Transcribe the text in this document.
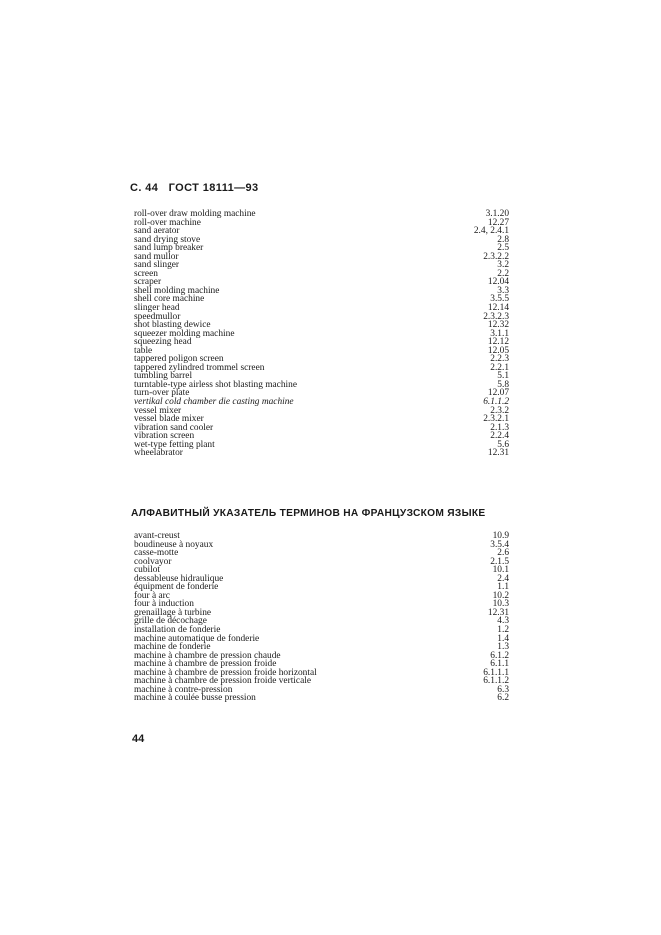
С. 44   ГОСТ 18111—93
roll-over draw molding machine	3.1.20
roll-over machine	12.27
sand aerator	2.4, 2.4.1
sand drying stove	2.8
sand lump breaker	2.5
sand mullor	2.3.2.2
sand slinger	3.2
screen	2.2
scraper	12.04
shell molding machine	3.3
shell core machine	3.5.5
slinger head	12.14
speedmullor	2.3.2.3
shot blasting dewice	12.32
squeezer molding machine	3.1.1
squeezing head	12.12
table	12.05
tappered poligon screen	2.2.3
tappered zylindred trommel screen	2.2.1
tumbling barrel	5.1
turntable-type airless shot blasting machine	5.8
turn-over plate	12.07
vertikal cold chamber die casting machine	6.1.1.2
vessel mixer	2.3.2
vessel blade mixer	2.3.2.1
vibration sand cooler	2.1.3
vibration screen	2.2.4
wet-type fetting plant	5.6
wheelabrator	12.31
АЛФАВИТНЫЙ УКАЗАТЕЛЬ ТЕРМИНОВ НА ФРАНЦУЗСКОМ ЯЗЫКЕ
avant-creust	10.9
boudineuse à noyaux	3.5.4
casse-motte	2.6
coolvayor	2.1.5
cubilot	10.1
dessableuse hidraulique	2.4
équipment de fonderie	1.1
four à arc	10.2
four à induction	10.3
grenaillage à turbine	12.31
grille de décochage	4.3
installation de fonderie	1.2
machine automatique de fonderie	1.4
machine de fonderie	1.3
machine à chambre de pression chaude	6.1.2
machine à chambre de pression froide	6.1.1
machine à chambre de pression froide horizontal	6.1.1.1
machine à chambre de pression froide verticale	6.1.1.2
machine à contre-pression	6.3
machine à coulée busse pression	6.2
44
